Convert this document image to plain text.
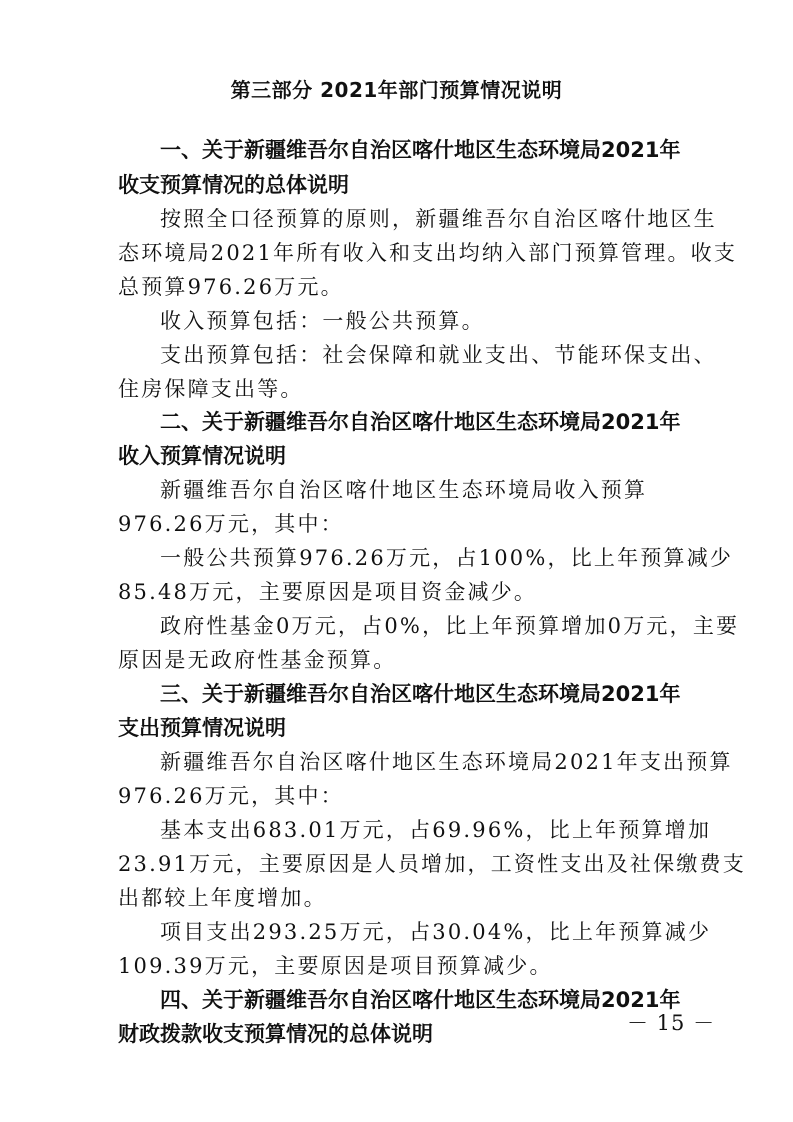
第三部分 2021年部门预算情况说明
一、关于新疆维吾尔自治区喀什地区生态环境局2021年
收支预算情况的总体说明
按照全口径预算的原则，新疆维吾尔自治区喀什地区生
态环境局2021年所有收入和支出均纳入部门预算管理。收支
总预算976.26万元。
收入预算包括：一般公共预算。
支出预算包括：社会保障和就业支出、节能环保支出、
住房保障支出等。
二、关于新疆维吾尔自治区喀什地区生态环境局2021年
收入预算情况说明
新疆维吾尔自治区喀什地区生态环境局收入预算
976.26万元，其中：
一般公共预算976.26万元，占100%，比上年预算减少
85.48万元，主要原因是项目资金减少。
政府性基金0万元，占0%，比上年预算增加0万元，主要
原因是无政府性基金预算。
三、关于新疆维吾尔自治区喀什地区生态环境局2021年
支出预算情况说明
新疆维吾尔自治区喀什地区生态环境局2021年支出预算
976.26万元，其中：
基本支出683.01万元，占69.96%，比上年预算增加
23.91万元，主要原因是人员增加，工资性支出及社保缴费支
出都较上年度增加。
项目支出293.25万元，占30.04%，比上年预算减少
109.39万元，主要原因是项目预算减少。
四、关于新疆维吾尔自治区喀什地区生态环境局2021年
财政拨款收支预算情况的总体说明	－ 15 －
